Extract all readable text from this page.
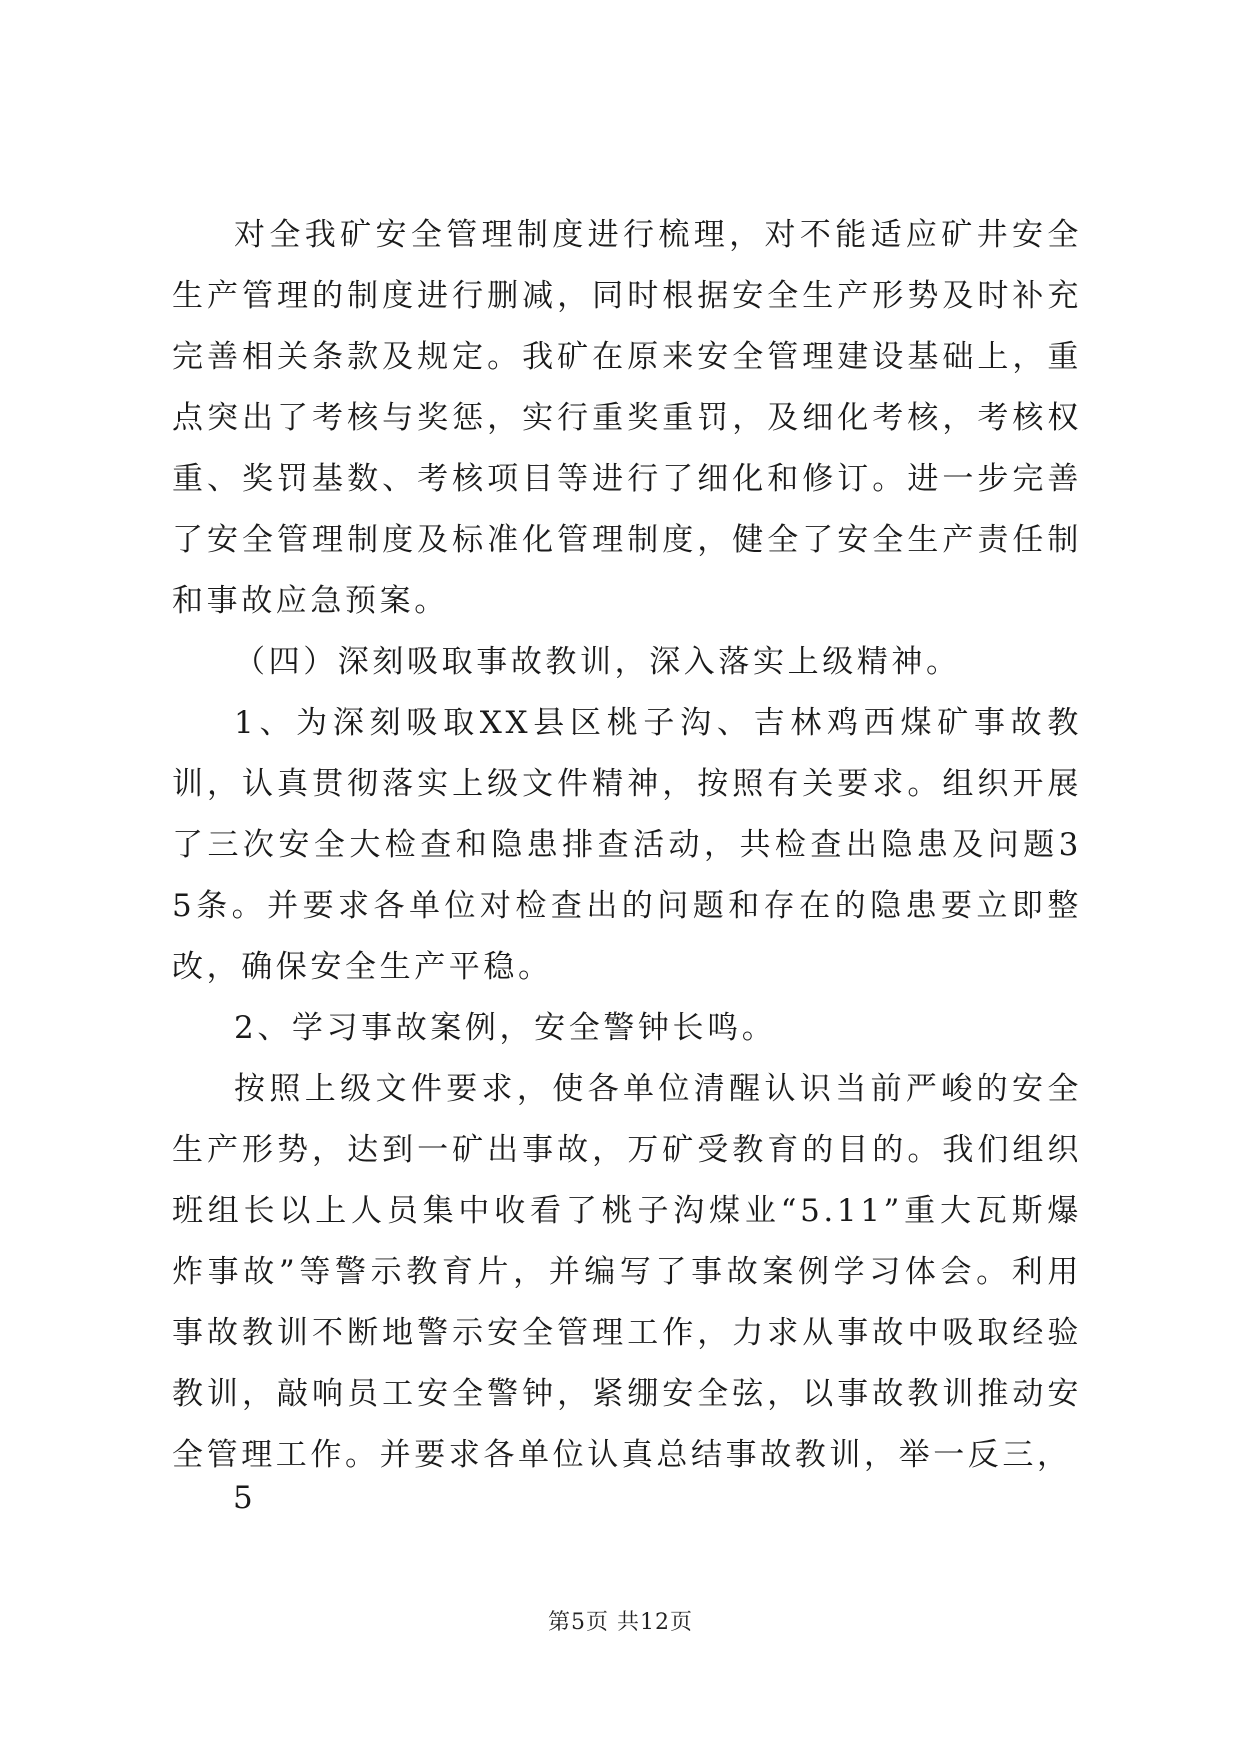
对全我矿安全管理制度进行梳理，对不能适应矿井安全生产管理的制度进行删减，同时根据安全生产形势及时补充完善相关条款及规定。我矿在原来安全管理建设基础上，重点突出了考核与奖惩，实行重奖重罚，及细化考核，考核权重、奖罚基数、考核项目等进行了细化和修订。进一步完善了安全管理制度及标准化管理制度，健全了安全生产责任制和事故应急预案。

（四）深刻吸取事故教训，深入落实上级精神。

1、为深刻吸取XX县区桃子沟、吉林鸡西煤矿事故教训，认真贯彻落实上级文件精神，按照有关要求。组织开展了三次安全大检查和隐患排查活动，共检查出隐患及问题35条。并要求各单位对检查出的问题和存在的隐患要立即整改，确保安全生产平稳。

2、学习事故案例，安全警钟长鸣。

按照上级文件要求，使各单位清醒认识当前严峻的安全生产形势，达到一矿出事故，万矿受教育的目的。我们组织班组长以上人员集中收看了桃子沟煤业“5.11”重大瓦斯爆炸事故”等警示教育片，并编写了事故案例学习体会。利用事故教训不断地警示安全管理工作，力求从事故中吸取经验教训，敲响员工安全警钟，紧绷安全弦，以事故教训推动安全管理工作。并要求各单位认真总结事故教训，举一反三，

5

第5页 共12页
